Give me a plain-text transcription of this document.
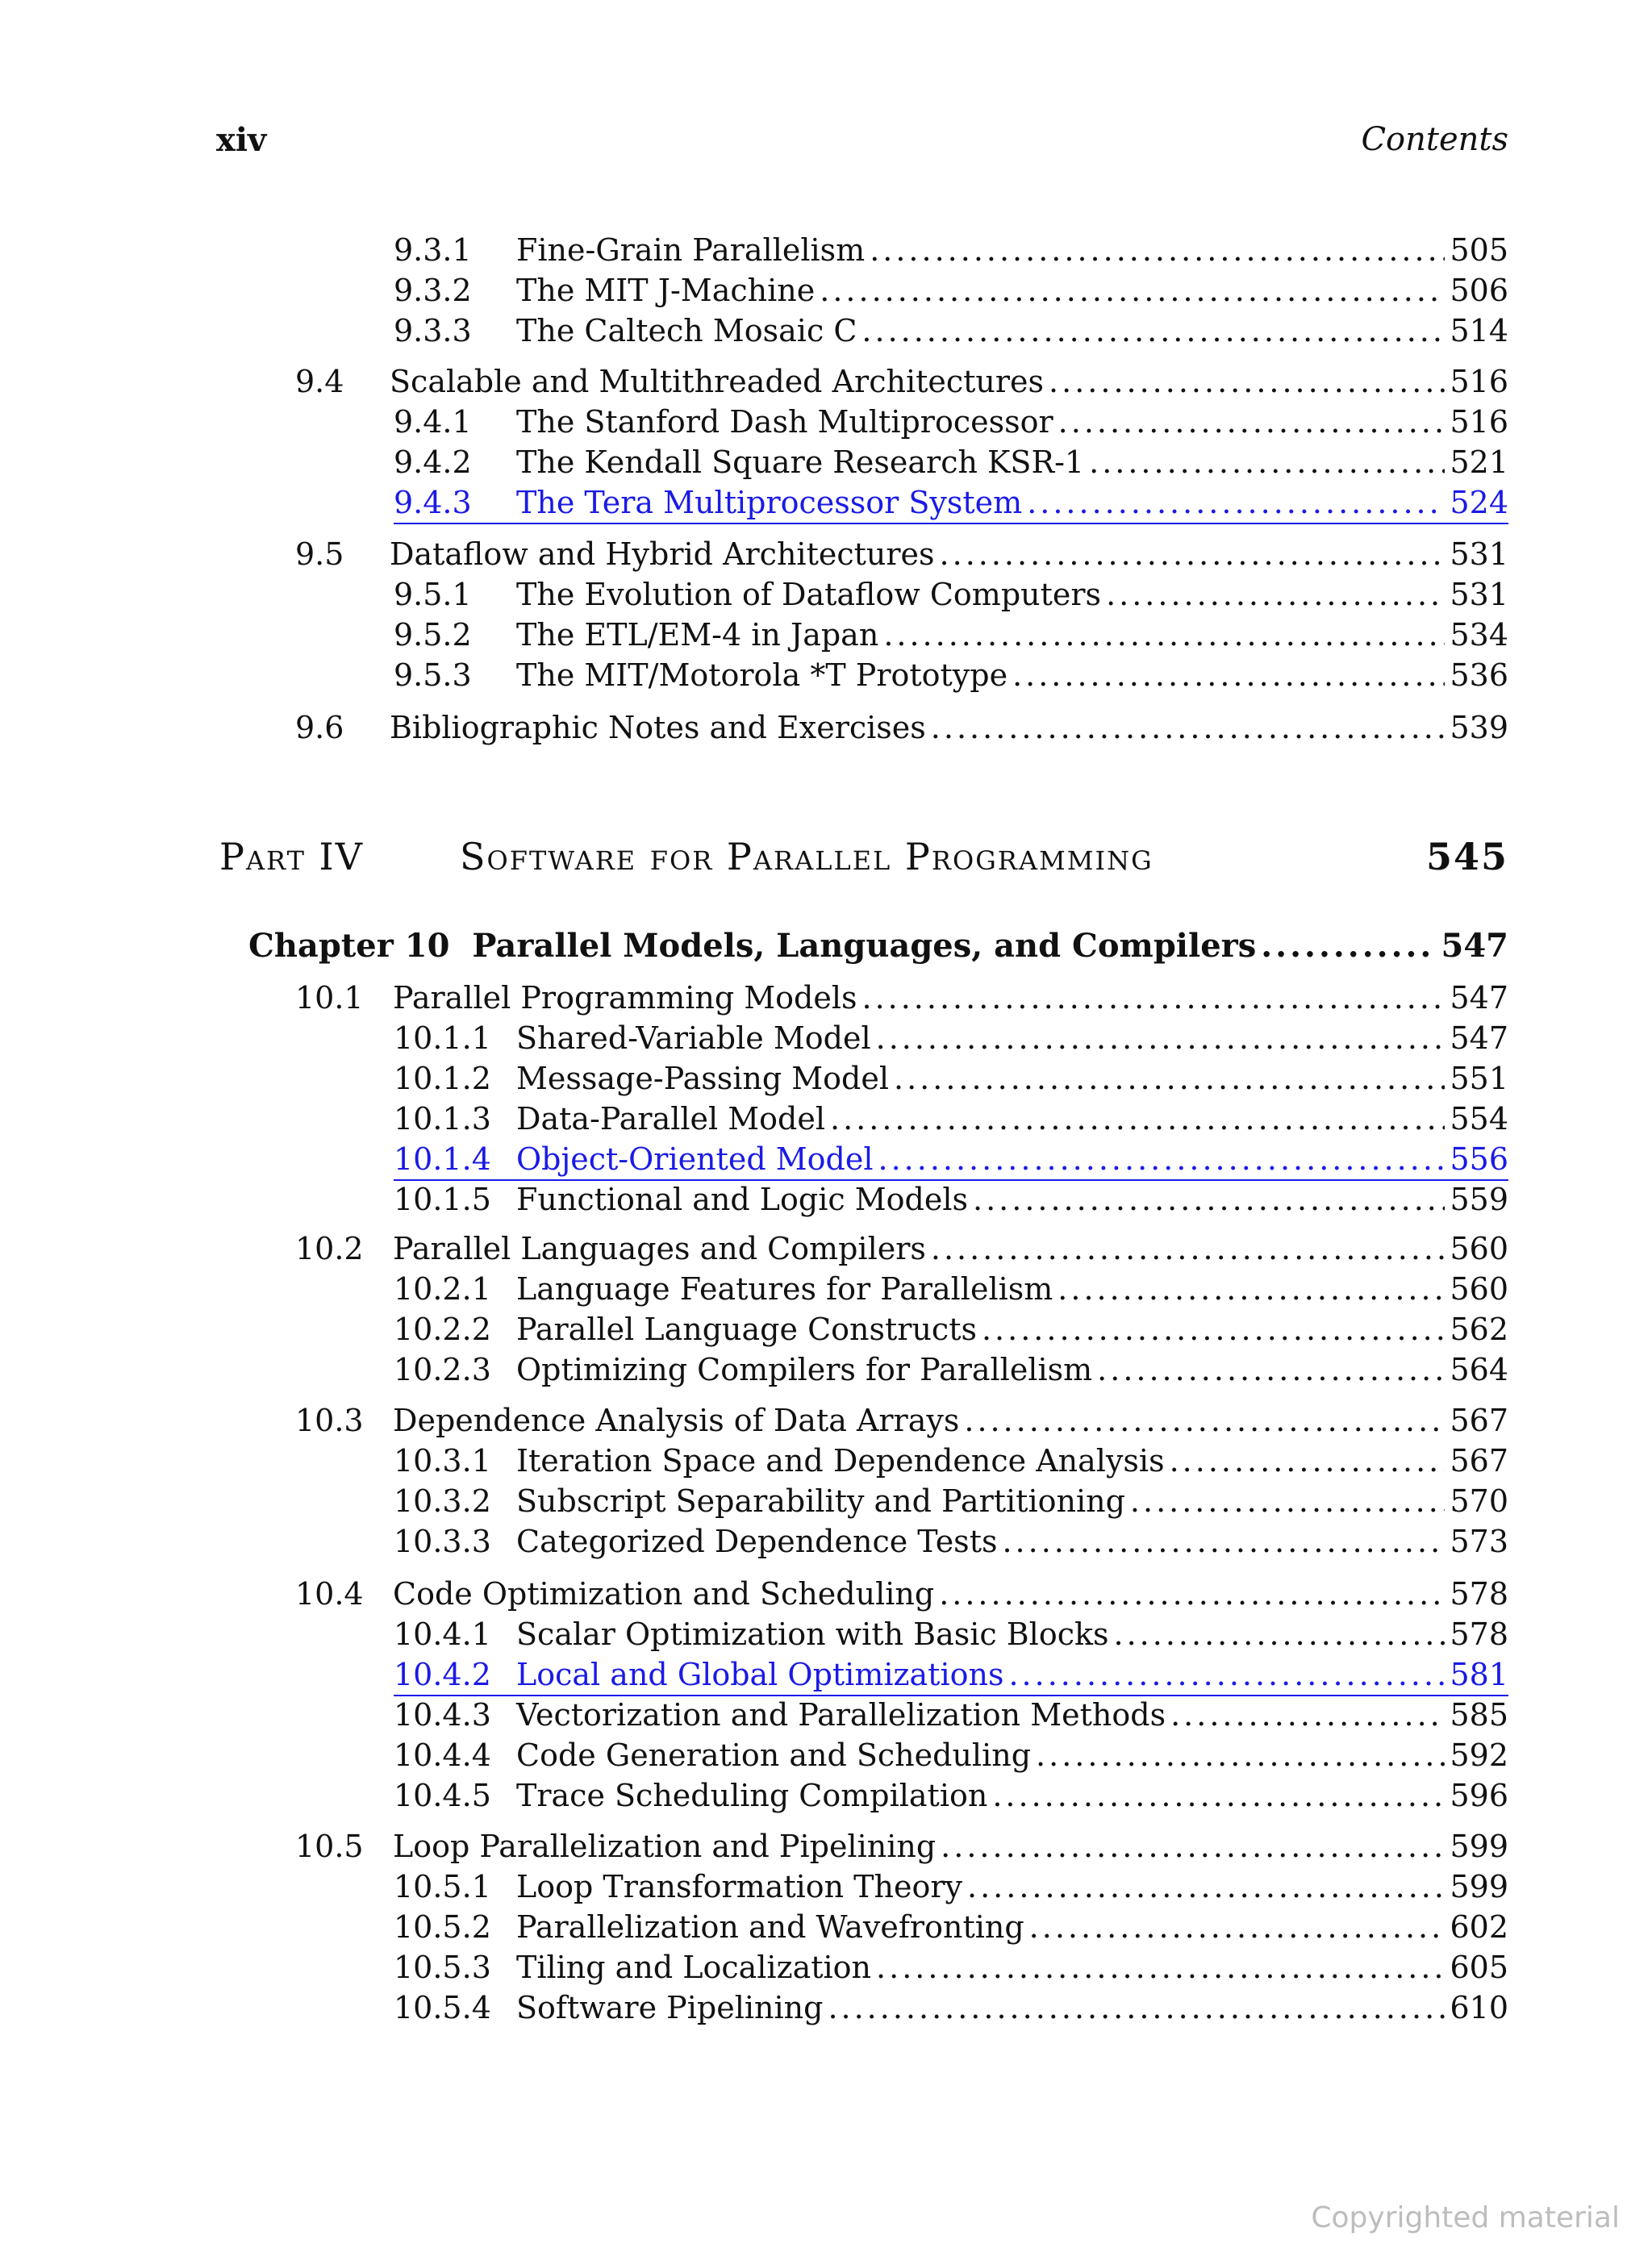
xiv	Contents
9.3.1	Fine-Grain Parallelism .....	505
9.3.2	The MIT J-Machine .....	506
9.3.3	The Caltech Mosaic C .....	514
9.4	Scalable and Multithreaded Architectures .....	516
9.4.1	The Stanford Dash Multiprocessor .....	516
9.4.2	The Kendall Square Research KSR-1 .....	521
9.4.3	The Tera Multiprocessor System .....	524
9.5	Dataflow and Hybrid Architectures .....	531
9.5.1	The Evolution of Dataflow Computers .....	531
9.5.2	The ETL/EM-4 in Japan .....	534
9.5.3	The MIT/Motorola *T Prototype .....	536
9.6	Bibliographic Notes and Exercises .....	539
Part IV	Software for Parallel Programming	545
Chapter 10 Parallel Models, Languages, and Compilers .....	547
10.1 Parallel Programming Models .....	547
10.1.1 Shared-Variable Model .....	547
10.1.2 Message-Passing Model .....	551
10.1.3 Data-Parallel Model .....	554
10.1.4 Object-Oriented Model .....	556
10.1.5 Functional and Logic Models .....	559
10.2 Parallel Languages and Compilers .....	560
10.2.1 Language Features for Parallelism .....	560
10.2.2 Parallel Language Constructs .....	562
10.2.3 Optimizing Compilers for Parallelism .....	564
10.3 Dependence Analysis of Data Arrays .....	567
10.3.1 Iteration Space and Dependence Analysis .....	567
10.3.2 Subscript Separability and Partitioning .....	570
10.3.3 Categorized Dependence Tests .....	573
10.4 Code Optimization and Scheduling .....	578
10.4.1 Scalar Optimization with Basic Blocks .....	578
10.4.2 Local and Global Optimizations .....	581
10.4.3 Vectorization and Parallelization Methods .....	585
10.4.4 Code Generation and Scheduling .....	592
10.4.5 Trace Scheduling Compilation .....	596
10.5 Loop Parallelization and Pipelining .....	599
10.5.1 Loop Transformation Theory .....	599
10.5.2 Parallelization and Wavefronting .....	602
10.5.3 Tiling and Localization .....	605
10.5.4 Software Pipelining .....	610
Copyrighted material
